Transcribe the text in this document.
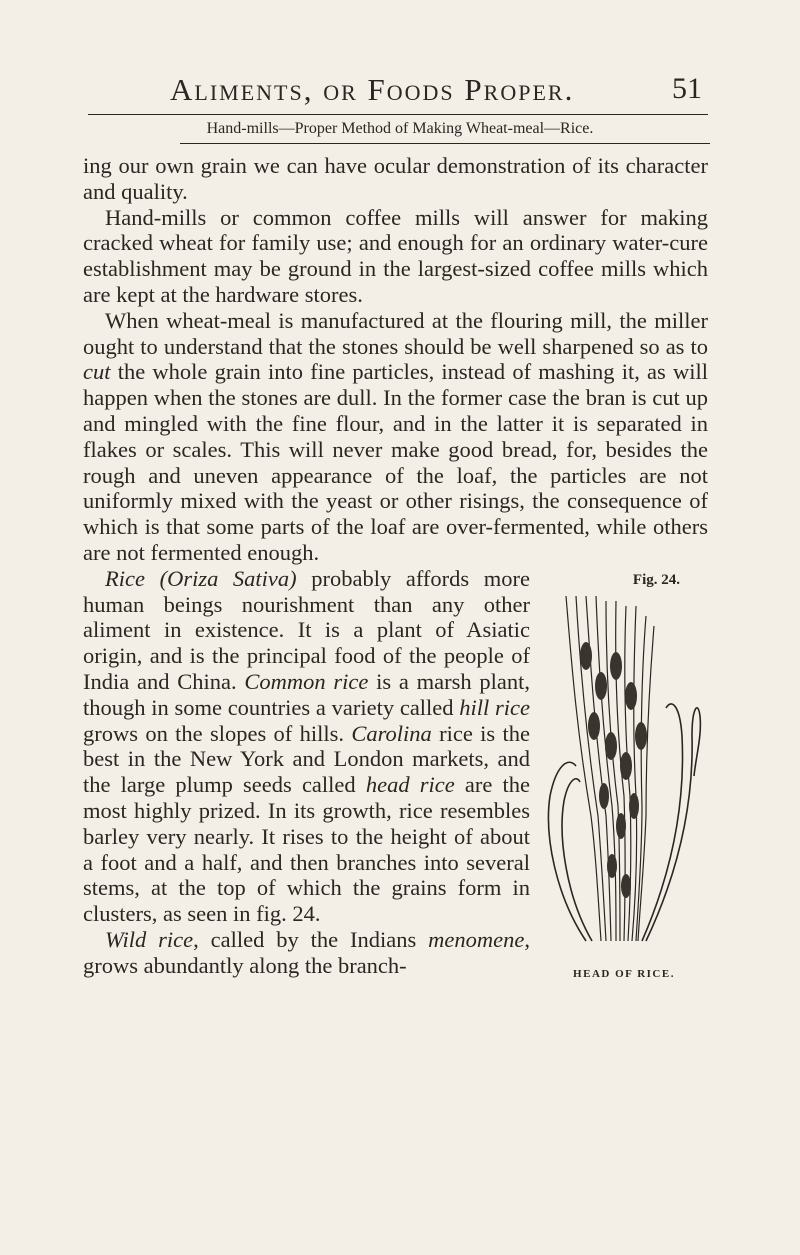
Aliments, or Foods Proper.	51
Hand-mills—Proper Method of Making Wheat-meal—Rice.

ing our own grain we can have ocular demonstration of its character and quality.

Hand-mills or common coffee mills will answer for making cracked wheat for family use; and enough for an ordinary water-cure establishment may be ground in the largest-sized coffee mills which are kept at the hardware stores.

When wheat-meal is manufactured at the flouring mill, the miller ought to understand that the stones should be well sharpened so as to cut the whole grain into fine particles, instead of mashing it, as will happen when the stones are dull. In the former case the bran is cut up and mingled with the fine flour, and in the latter it is separated in flakes or scales. This will never make good bread, for, besides the rough and uneven appearance of the loaf, the particles are not uniformly mixed with the yeast or other risings, the consequence of which is that some parts of the loaf are over-fermented, while others are not fermented enough.

Fig. 24.
HEAD OF RICE.

Rice (Oriza Sativa) probably affords more human beings nourishment than any other aliment in existence. It is a plant of Asiatic origin, and is the principal food of the people of India and China. Common rice is a marsh plant, though in some countries a variety called hill rice grows on the slopes of hills. Carolina rice is the best in the New York and London markets, and the large plump seeds called head rice are the most highly prized. In its growth, rice resembles barley very nearly. It rises to the height of about a foot and a half, and then branches into several stems, at the top of which the grains form in clusters, as seen in fig. 24.

Wild rice, called by the Indians menomene, grows abundantly along the branch-
